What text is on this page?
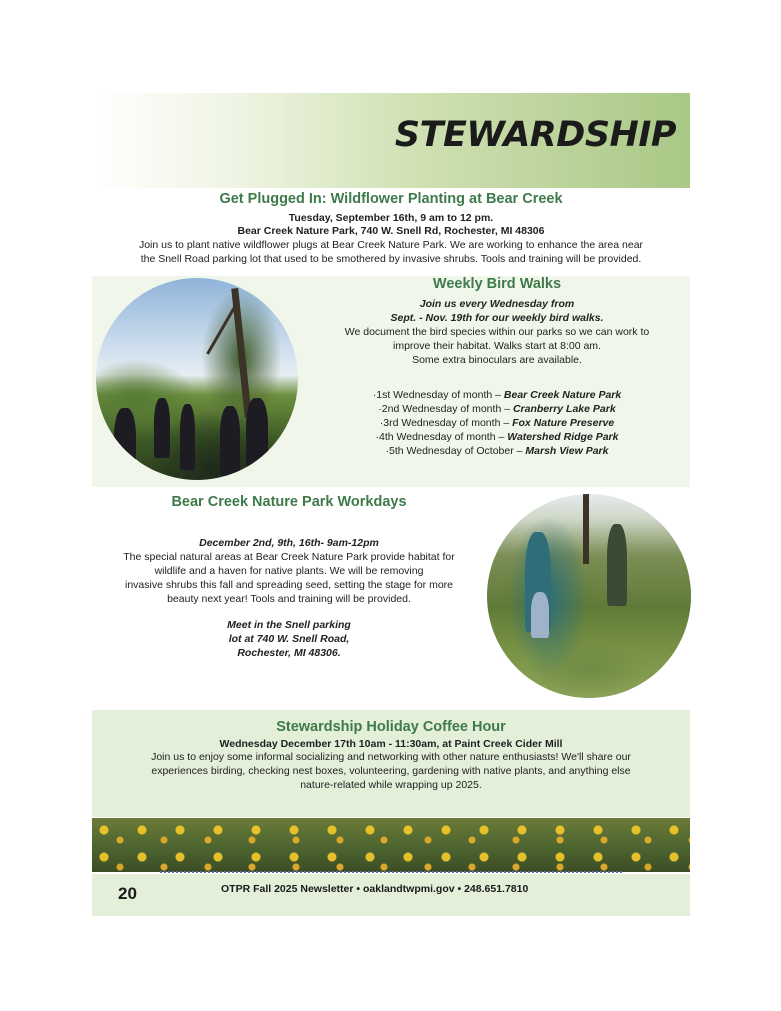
STEWARDSHIP
Get Plugged In: Wildflower Planting at Bear Creek
Tuesday, September 16th, 9 am to 12 pm.
Bear Creek Nature Park, 740 W. Snell Rd, Rochester, MI 48306
Join us to plant native wildflower plugs at Bear Creek Nature Park. We are working to enhance the area near
the Snell Road parking lot that used to be smothered by invasive shrubs. Tools and training will be provided.
Weekly Bird Walks
Join us every Wednesday from
Sept. - Nov. 19th for our weekly bird walks.
We document the bird species within our parks so we can work to
improve their habitat. Walks start at 8:00 am.
Some extra binoculars are available.
·1st Wednesday of month – Bear Creek Nature Park
·2nd Wednesday of month – Cranberry Lake Park
·3rd Wednesday of month – Fox Nature Preserve
·4th Wednesday of month – Watershed Ridge Park
·5th Wednesday of October – Marsh View Park
Bear Creek Nature Park Workdays
December 2nd, 9th, 16th- 9am-12pm
The special natural areas at Bear Creek Nature Park provide habitat for
wildlife and a haven for native plants. We will be removing
invasive shrubs this fall and spreading seed, setting the stage for more
beauty next year! Tools and training will be provided.
Meet in the Snell parking
lot at 740 W. Snell Road,
Rochester, MI 48306.
Stewardship Holiday Coffee Hour
Wednesday December 17th 10am - 11:30am, at Paint Creek Cider Mill
Join us to enjoy some informal socializing and networking with other nature enthusiasts! We'll share our
experiences birding, checking nest boxes, volunteering, gardening with native plants, and anything else
nature-related while wrapping up 2025.
20	OTPR Fall 2025 Newsletter • oaklandtwpmi.gov • 248.651.7810
